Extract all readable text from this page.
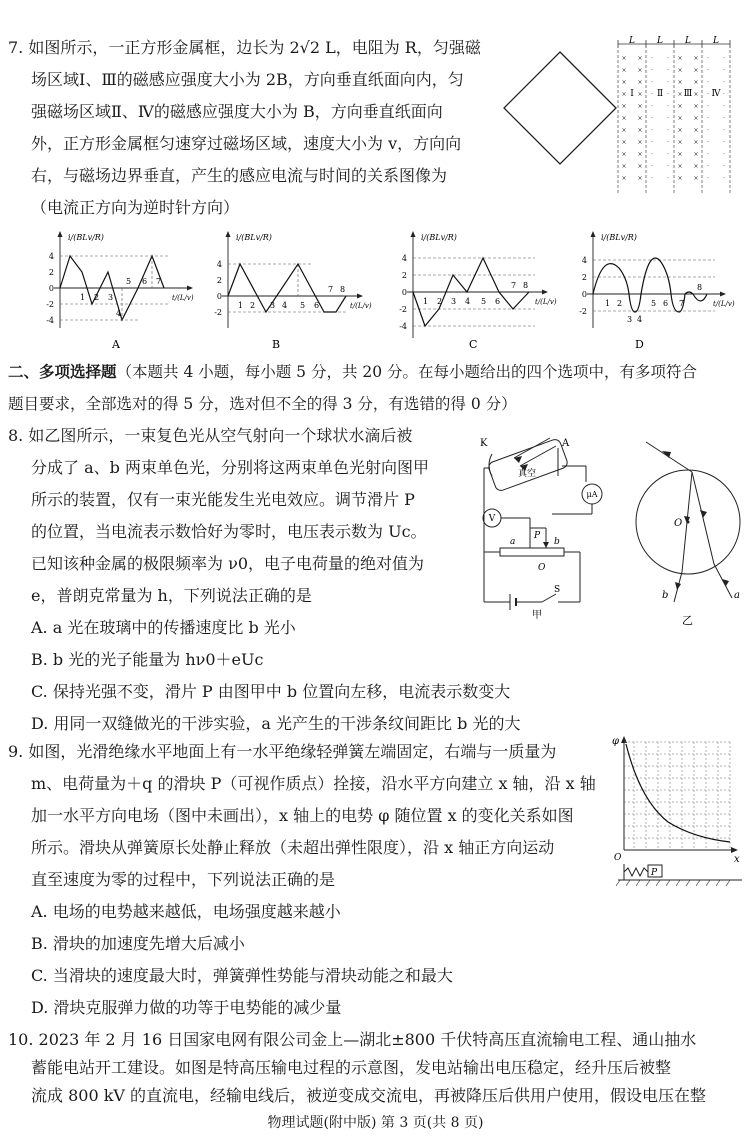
7. 如图所示，一正方形金属框，边长为 2√2 L，电阻为 R，匀强磁
场区域Ⅰ、Ⅲ的磁感应强度大小为 2B，方向垂直纸面向内，匀
强磁场区域Ⅱ、Ⅳ的磁感应强度大小为 B，方向垂直纸面向
外，正方形金属框匀速穿过磁场区域，速度大小为 v，方向向
右，与磁场边界垂直，产生的感应电流与时间的关系图像为
（电流正方向为逆时针方向）
L L L L
× ×
× ×
× ×
× ×
× ×
× ×
× ×
× ×
× ×
× ×
× ×
· ·
· ·
· ·
· ·
· ·
· ·
· ·
· ·
· ·
· ·
· ·
× ×
× ×
× ×
× ×
× ×
× ×
× ×
× ×
× ×
× ×
× ×
· ·
· ·
· ·
· ·
· ·
· ·
· ·
· ·
· ·
· ·
· ·
Ⅰ	Ⅱ Ⅲ Ⅳ
i/(BLv/R)
4
2
0
-2
-4
1 2 3
4
5 6 7
t/(L/v)
A
i/(BLv/R)
4
2
0
-2
1 2 3 4 5 6
7 8
t/(L/v)
B
i/(BLv/R)
4
2
0
-2
-4
1 2 3 4 5 6
7 8
t/(L/v)
C
i/(BLv/R)
4
2
0
-2
1 2
3 4
5 6 7
8
t/(L/v)
D
二、多项选择题（本题共 4 小题，每小题 5 分，共 20 分。在每小题给出的四个选项中，有多项符合
题目要求，全部选对的得 5 分，选对但不全的得 3 分，有选错的得 0 分）
8. 如乙图所示，一束复色光从空气射向一个球状水滴后被
分成了 a、b 两束单色光，分别将这两束单色光射向图甲
所示的装置，仅有一束光能发生光电效应。调节滑片 P
的位置，当电流表示数恰好为零时，电压表示数为 Uc。
已知该种金属的极限频率为 ν0，电子电荷量的绝对值为
e，普朗克常量为 h，下列说法正确的是
A. a 光在玻璃中的传播速度比 b 光小
B. b 光的光子能量为 hν0＋eUc
C. 保持光强不变，滑片 P 由图甲中 b 位置向左移，电流表示数变大
D. 用同一双缝做光的干涉实验，a 光产生的干涉条纹间距比 b 光的大
K	A
真空
μA
V
a
P
b
O
S
甲
O
a
b
乙
9. 如图，光滑绝缘水平地面上有一水平绝缘轻弹簧左端固定，右端与一质量为
m、电荷量为＋q 的滑块 P（可视作质点）拴接，沿水平方向建立 x 轴，沿 x 轴
加一水平方向电场（图中未画出），x 轴上的电势 φ 随位置 x 的变化关系如图
所示。滑块从弹簧原长处静止释放（未超出弹性限度），沿 x 轴正方向运动
直至速度为零的过程中，下列说法正确的是
A. 电场的电势越来越低，电场强度越来越小
B. 滑块的加速度先增大后减小
C. 当滑块的速度最大时，弹簧弹性势能与滑块动能之和最大
D. 滑块克服弹力做的功等于电势能的减少量
φ
O	x
P
10. 2023 年 2 月 16 日国家电网有限公司金上—湖北±800 千伏特高压直流输电工程、通山抽水
蓄能电站开工建设。如图是特高压输电过程的示意图，发电站输出电压稳定，经升压后被整
流成 800 kV 的直流电，经输电线后，被逆变成交流电，再被降压后供用户使用，假设电压在整
物理试题(附中版) 第 3 页(共 8 页)
